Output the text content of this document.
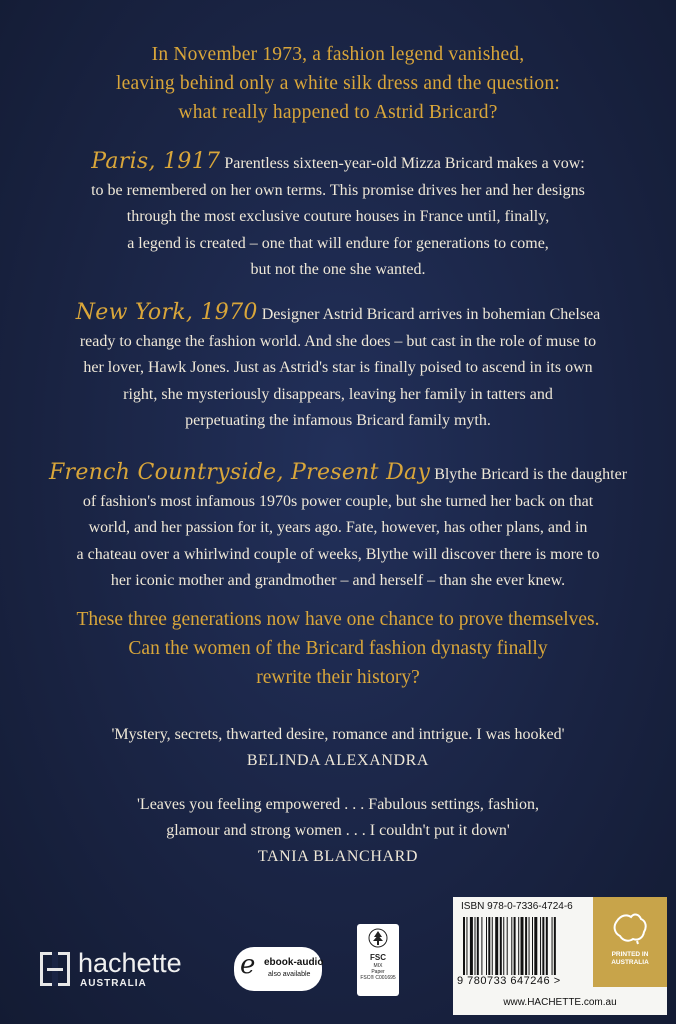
In November 1973, a fashion legend vanished,
leaving behind only a white silk dress and the question:
what really happened to Astrid Bricard?
Paris, 1917 Parentless sixteen-year-old Mizza Bricard makes a vow:
to be remembered on her own terms. This promise drives her and her designs
through the most exclusive couture houses in France until, finally,
a legend is created – one that will endure for generations to come,
but not the one she wanted.
New York, 1970 Designer Astrid Bricard arrives in bohemian Chelsea
ready to change the fashion world. And she does – but cast in the role of muse to
her lover, Hawk Jones. Just as Astrid's star is finally poised to ascend in its own
right, she mysteriously disappears, leaving her family in tatters and
perpetuating the infamous Bricard family myth.
French Countryside, Present Day Blythe Bricard is the daughter
of fashion's most infamous 1970s power couple, but she turned her back on that
world, and her passion for it, years ago. Fate, however, has other plans, and in
a chateau over a whirlwind couple of weeks, Blythe will discover there is more to
her iconic mother and grandmother – and herself – than she ever knew.
These three generations now have one chance to prove themselves.
Can the women of the Bricard fashion dynasty finally
rewrite their history?
'Mystery, secrets, thwarted desire, romance and intrigue. I was hooked'
BELINDA ALEXANDRA
'Leaves you feeling empowered . . . Fabulous settings, fashion,
glamour and strong women . . . I couldn't put it down'
TANIA BLANCHARD
hachette
AUSTRALIA
e ebook-audio
also available
FSC
MIX
Paper
FSC® C001695
ISBN 978-0-7336-4724-6
9 780733 647246 >
PRINTED IN
AUSTRALIA
www.HACHETTE.com.au
